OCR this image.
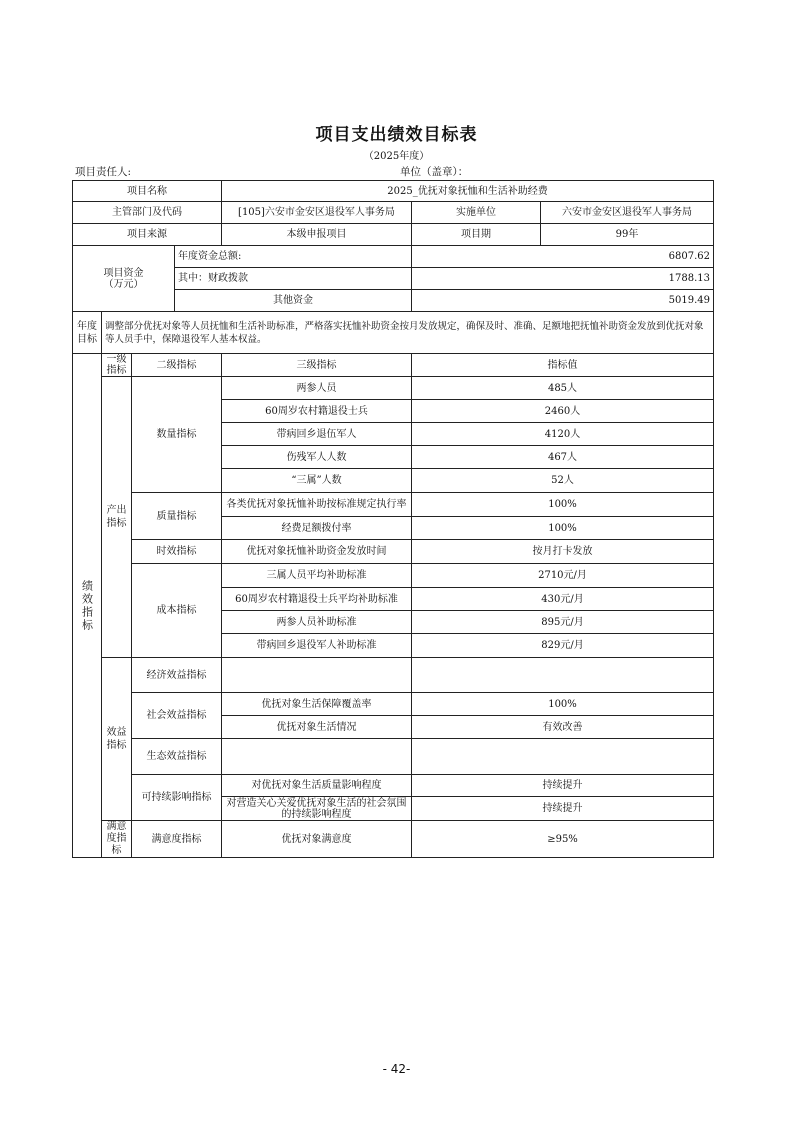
项目支出绩效目标表
（2025年度）
项目责任人:	单位（盖章）：
项目名称				2025_优抚对象抚恤和生活补助经费		
主管部门及代码				[105]六安市金安区退役军人事务局	实施单位	六安市金安区退役军人事务局
项目来源				本级申报项目	项目期	99年

项目资金
（万元）			年度资金总额:		6807.62	
			其中：财政拨款		1788.13	
			其他资金		5019.49	

年度
目标	调整部分优抚对象等人员抚恤和生活补助标准，严格落实抚恤补助资金按月发放规定，确保及时、准确、足额地把抚恤补助资金发放到优抚对象等人员手中，保障退役军人基本权益。					

绩效指标	一级指标	二级指标		三级指标	指标值	

	产出指标	数量指标		两参人员	485人	
				60周岁农村籍退役士兵	2460人	
				带病回乡退伍军人	4120人	
				伤残军人人数	467人	
				“三属”人数	52人	
		质量指标		各类优抚对象抚恤补助按标准规定执行率	100%	
				经费足额拨付率	100%	
		时效指标		优抚对象抚恤补助资金发放时间	按月打卡发放	
		成本指标		三属人员平均补助标准	2710元/月	
				60周岁农村籍退役士兵平均补助标准	430元/月	
				两参人员补助标准	895元/月	
				带病回乡退役军人补助标准	829元/月	

	效益指标	经济效益指标				
		社会效益指标		优抚对象生活保障覆盖率	100%	
				优抚对象生活情况	有效改善	
		生态效益指标				
		可持续影响指标		对优抚对象生活质量影响程度	持续提升	
				对营造关心关爱优抚对象生活的社会氛围的持续影响程度	持续提升	

	满意度指标	满意度指标		优抚对象满意度	≥95%	
- 42-
